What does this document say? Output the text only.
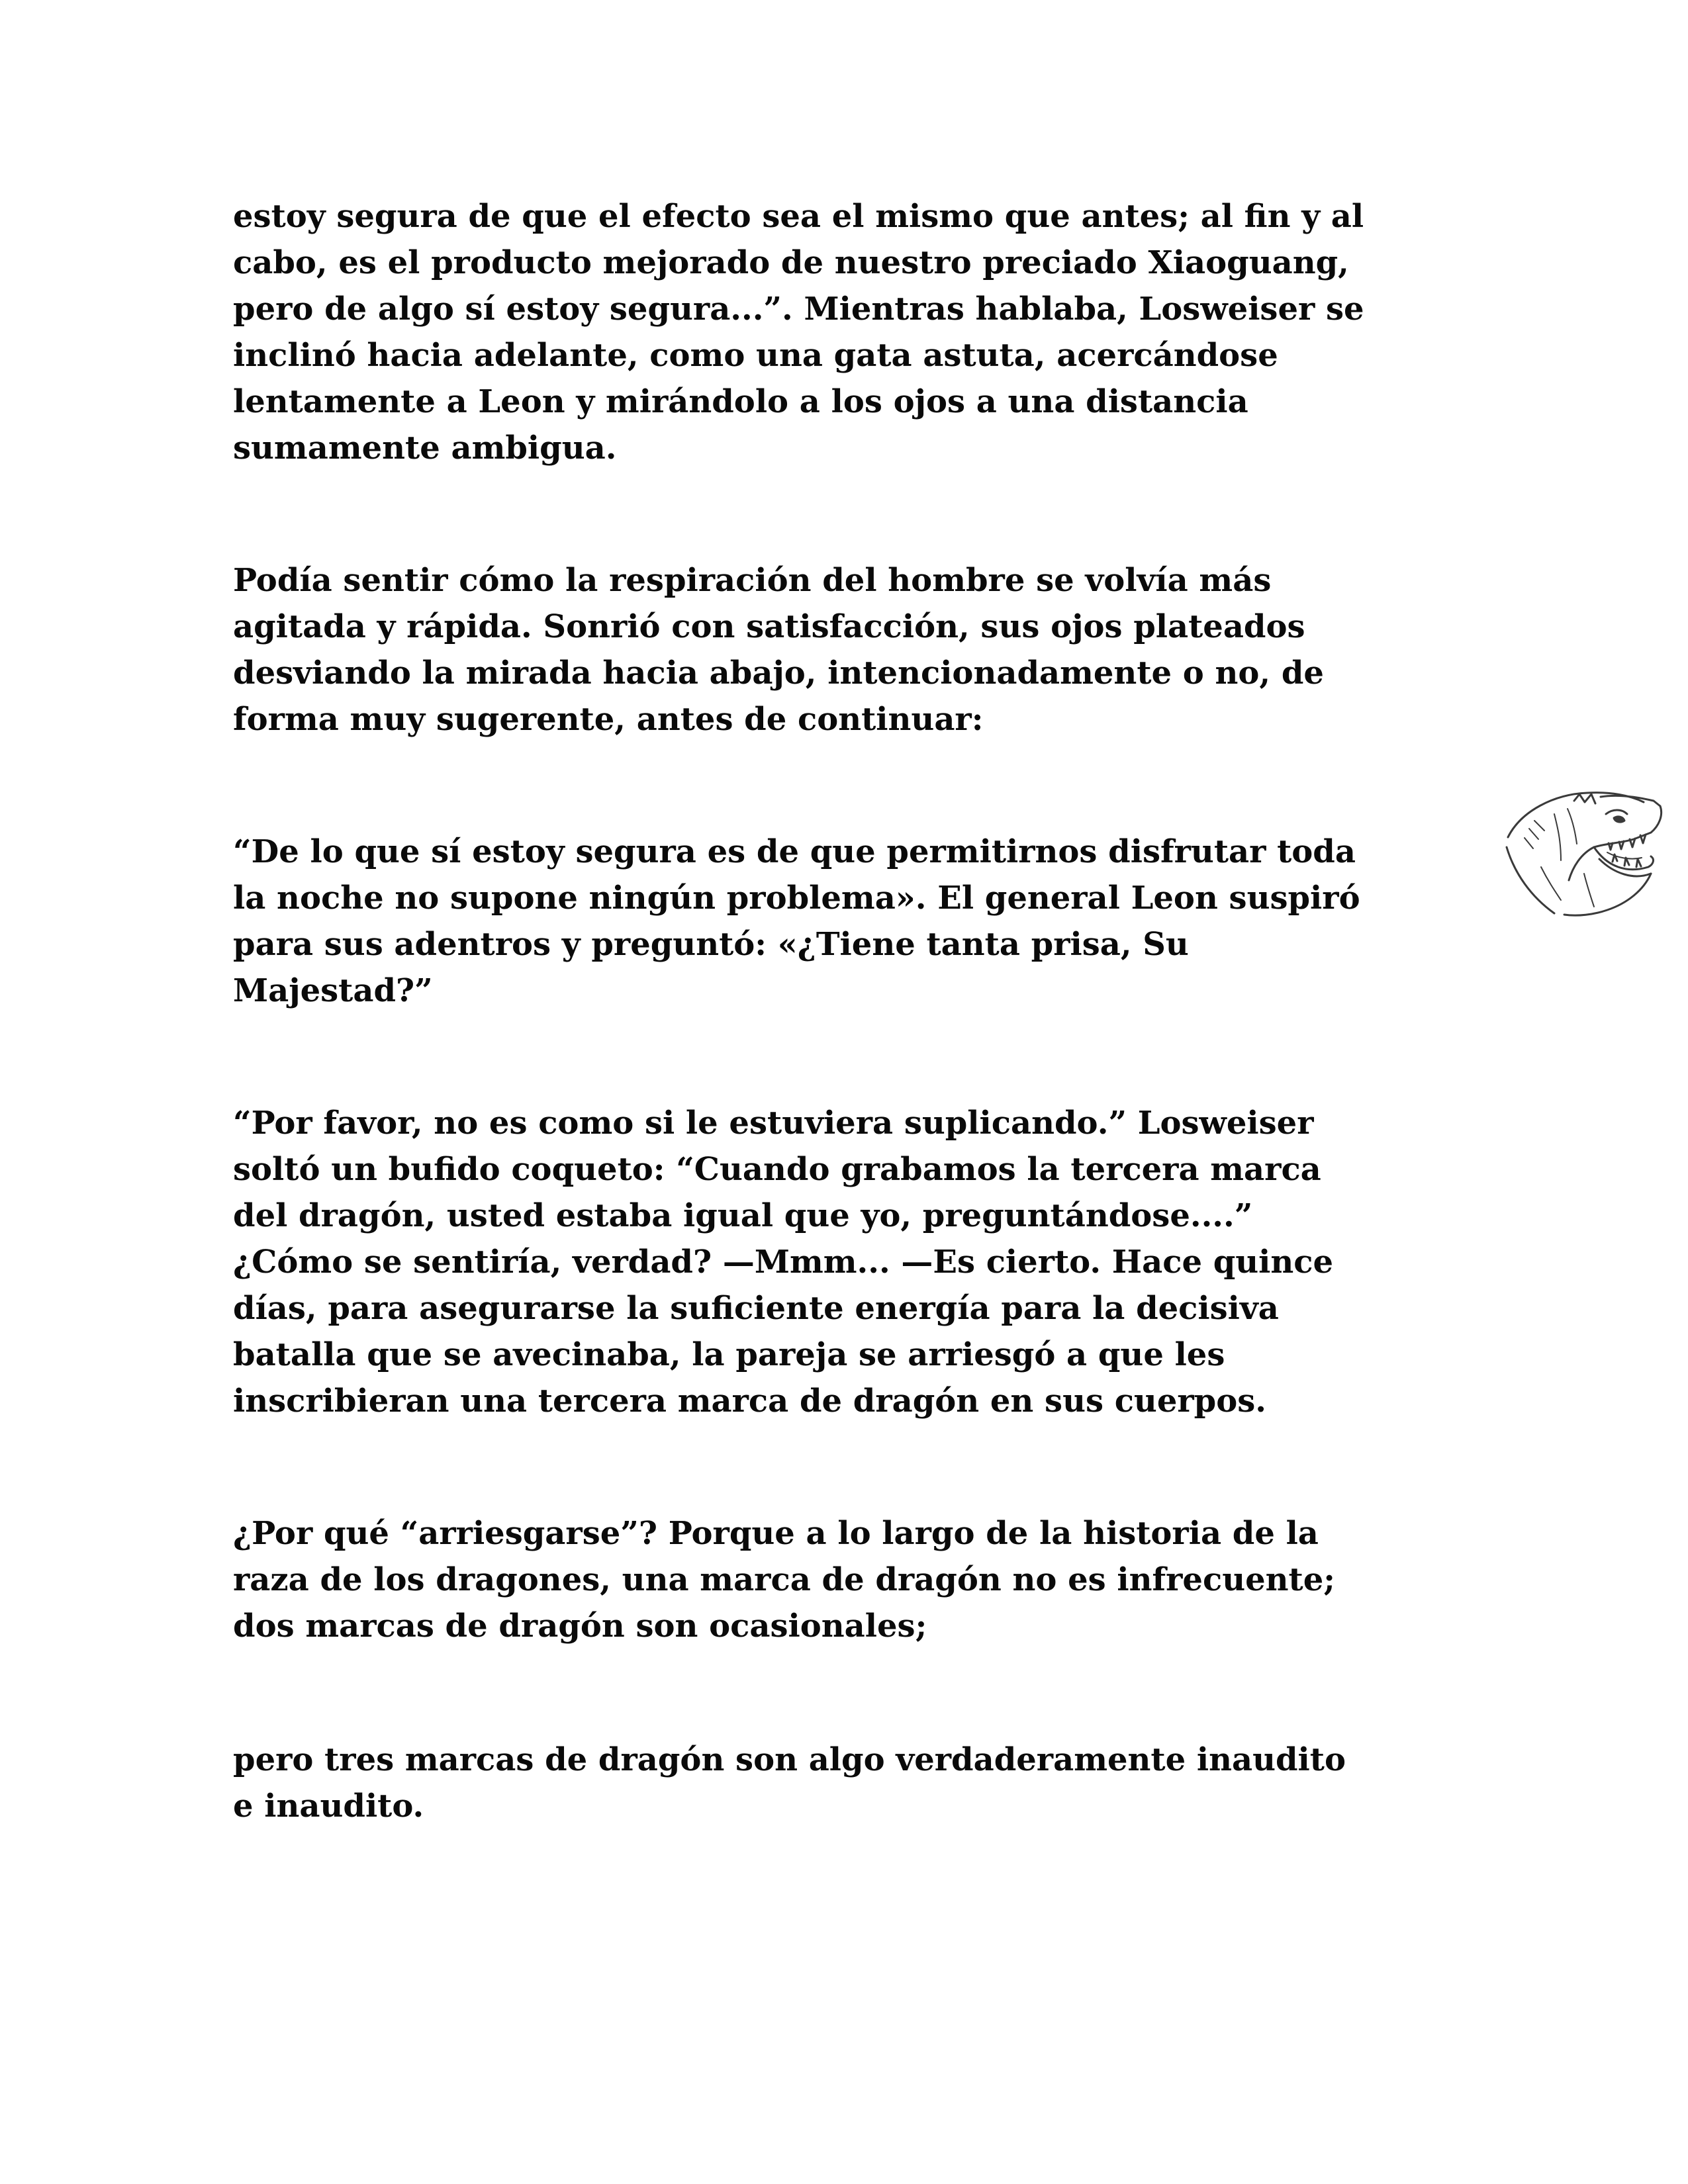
estoy segura de que el efecto sea el mismo que antes; al fin y al
cabo, es el producto mejorado de nuestro preciado Xiaoguang,
pero de algo sí estoy segura...”. Mientras hablaba, Losweiser se
inclinó hacia adelante, como una gata astuta, acercándose
lentamente a Leon y mirándolo a los ojos a una distancia
sumamente ambigua.

Podía sentir cómo la respiración del hombre se volvía más
agitada y rápida. Sonrió con satisfacción, sus ojos plateados
desviando la mirada hacia abajo, intencionadamente o no, de
forma muy sugerente, antes de continuar:

“De lo que sí estoy segura es de que permitirnos disfrutar toda
la noche no supone ningún problema». El general Leon suspiró
para sus adentros y preguntó: «¿Tiene tanta prisa, Su
Majestad?”

“Por favor, no es como si le estuviera suplicando.” Losweiser
soltó un bufido coqueto: “Cuando grabamos la tercera marca
del dragón, usted estaba igual que yo, preguntándose....”
¿Cómo se sentiría, verdad? —Mmm... —Es cierto. Hace quince
días, para asegurarse la suficiente energía para la decisiva
batalla que se avecinaba, la pareja se arriesgó a que les
inscribieran una tercera marca de dragón en sus cuerpos.

¿Por qué “arriesgarse”? Porque a lo largo de la historia de la
raza de los dragones, una marca de dragón no es infrecuente;
dos marcas de dragón son ocasionales;

pero tres marcas de dragón son algo verdaderamente inaudito
e inaudito.
